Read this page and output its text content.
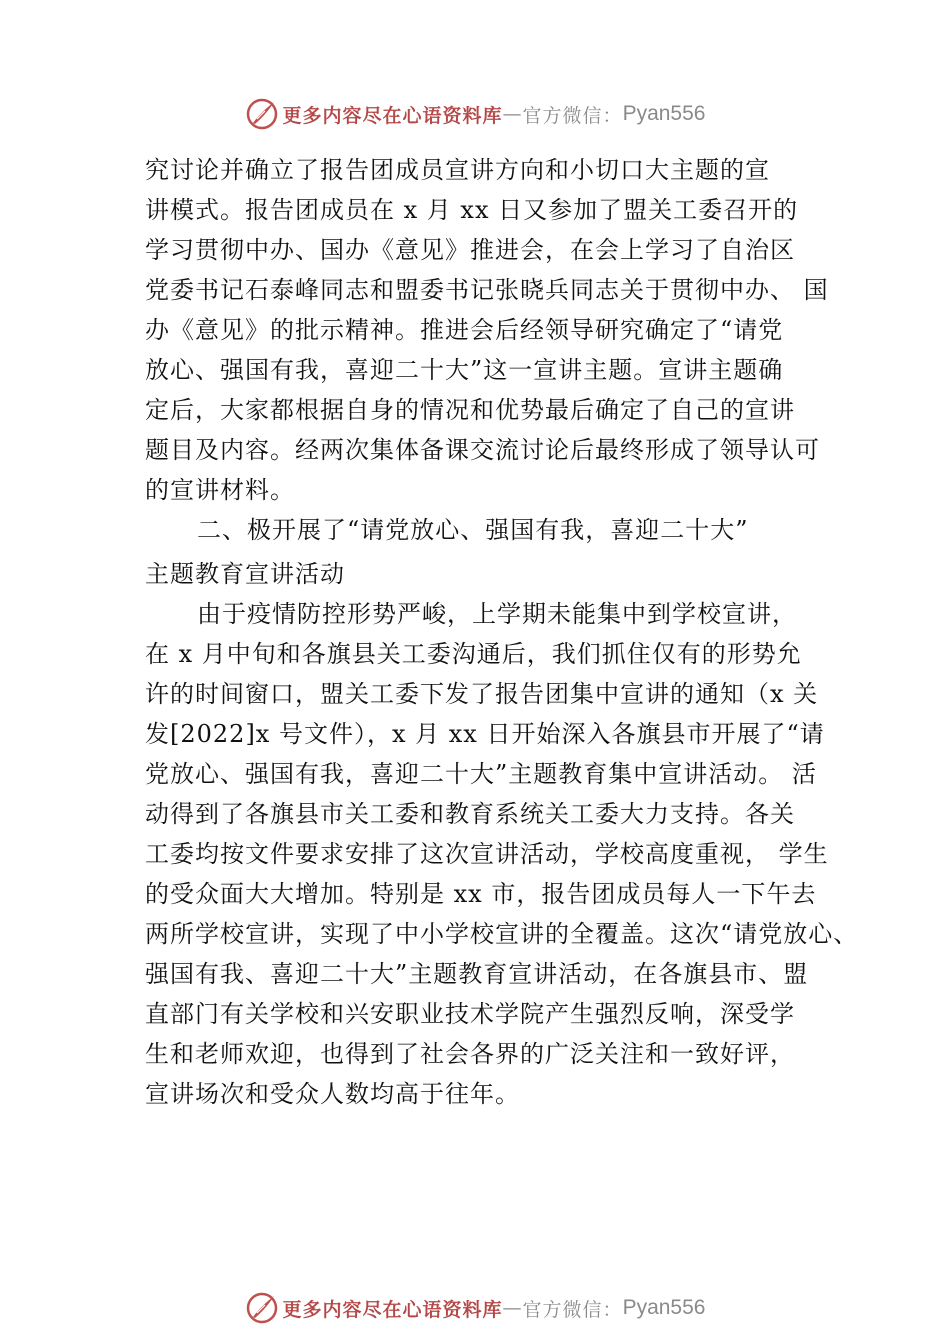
更多内容尽在心语资料库 — 官方微信： Pyan556
究讨论并确立了报告团成员宣讲方向和小切口大主题的宣
讲模式。报告团成员在 x 月 xx 日又参加了盟关工委召开的
学习贯彻中办、国办《意见》推进会，在会上学习了自治区
党委书记石泰峰同志和盟委书记张晓兵同志关于贯彻中办、 国
办《意见》的批示精神。推进会后经领导研究确定了“请党
放心、强国有我，喜迎二十大”这一宣讲主题。宣讲主题确
定后，大家都根据自身的情况和优势最后确定了自己的宣讲
题目及内容。经两次集体备课交流讨论后最终形成了领导认可
的宣讲材料。
二、极开展了“请党放心、强国有我，喜迎二十大”
主题教育宣讲活动
由于疫情防控形势严峻，上学期未能集中到学校宣讲，
在 x 月中旬和各旗县关工委沟通后，我们抓住仅有的形势允
许的时间窗口，盟关工委下发了报告团集中宣讲的通知（x 关
发[2022]x 号文件），x 月 xx 日开始深入各旗县市开展了“请
党放心、强国有我，喜迎二十大”主题教育集中宣讲活动。 活
动得到了各旗县市关工委和教育系统关工委大力支持。各关
工委均按文件要求安排了这次宣讲活动，学校高度重视， 学生
的受众面大大增加。特别是 xx 市，报告团成员每人一下午去
两所学校宣讲，实现了中小学校宣讲的全覆盖。这次“请党放心、
强国有我、喜迎二十大”主题教育宣讲活动，在各旗县市、盟
直部门有关学校和兴安职业技术学院产生强烈反响，深受学
生和老师欢迎，也得到了社会各界的广泛关注和一致好评，
宣讲场次和受众人数均高于往年。
更多内容尽在心语资料库 — 官方微信： Pyan556
